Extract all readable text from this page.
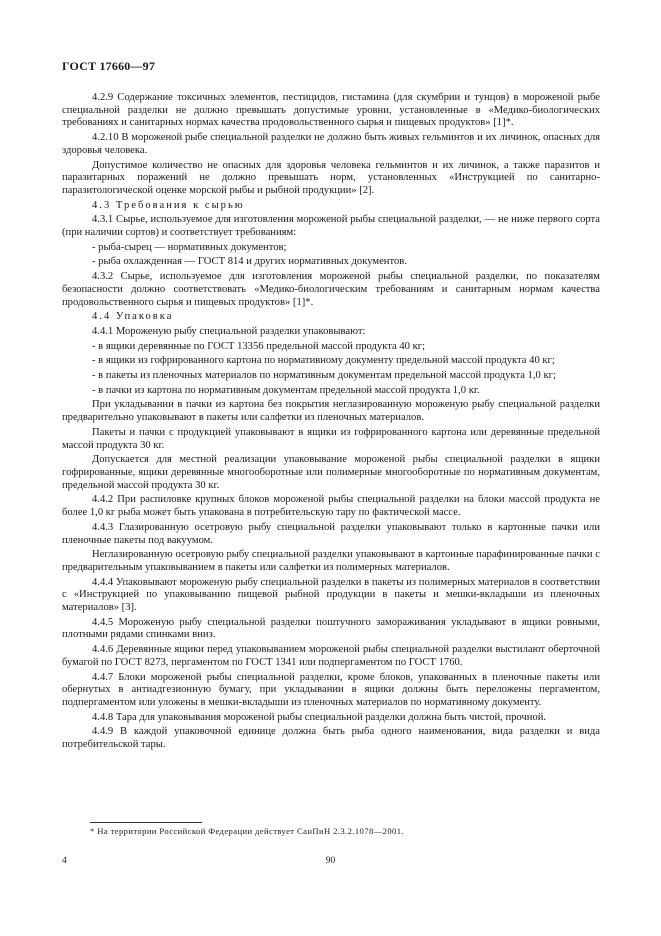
ГОСТ 17660—97

4.2.9 Содержание токсичных элементов, пестицидов, гистамина (для скумбрии и тунцов) в мороженой рыбе специальной разделки не должно превышать допустимые уровни, установленные в «Медико-биологических требованиях и санитарных нормах качества продовольственного сырья и пищевых продуктов» [1]*.

4.2.10 В мороженой рыбе специальной разделки не должно быть живых гельминтов и их личинок, опасных для здоровья человека.

Допустимое количество не опасных для здоровья человека гельминтов и их личинок, а также паразитов и паразитарных поражений не должно превышать норм, установленных «Инструкцией по санитарно-паразитологической оценке морской рыбы и рыбной продукции» [2].

4.3 Требования к сырью

4.3.1 Сырье, используемое для изготовления мороженой рыбы специальной разделки, — не ниже первого сорта (при наличии сортов) и соответствует требованиям:

- рыба-сырец — нормативных документов;

- рыба охлажденная — ГОСТ 814 и других нормативных документов.

4.3.2 Сырье, используемое для изготовления мороженой рыбы специальной разделки, по показателям безопасности должно соответствовать «Медико-биологическим требованиям и санитарным нормам качества продовольственного сырья и пищевых продуктов» [1]*.

4.4 Упаковка

4.4.1 Мороженую рыбу специальной разделки упаковывают:

- в ящики деревянные по ГОСТ 13356 предельной массой продукта 40 кг;

- в ящики из гофрированного картона по нормативному документу предельной массой продукта 40 кг;

- в пакеты из пленочных материалов по нормативным документам предельной массой продукта 1,0 кг;

- в пачки из картона по нормативным документам предельной массой продукта 1,0 кг.

При укладывании в пачки из картона без покрытия неглазированную мороженую рыбу специальной разделки предварительно упаковывают в пакеты или салфетки из пленочных материалов.

Пакеты и пачки с продукцией упаковывают в ящики из гофрированного картона или деревянные предельной массой продукта 30 кг.

Допускается для местной реализации упаковывание мороженой рыбы специальной разделки в ящики гофрированные, ящики деревянные многооборотные или полимерные многооборотные по нормативным документам, предельной массой продукта 30 кг.

4.4.2 При распиловке крупных блоков мороженой рыбы специальной разделки на блоки массой продукта не более 1,0 кг рыба может быть упакована в потребительскую тару по фактической массе.

4.4.3 Глазированную осетровую рыбу специальной разделки упаковывают только в картонные пачки или пленочные пакеты под вакуумом.

Неглазированную осетровую рыбу специальной разделки упаковывают в картонные парафинированные пачки с предварительным упаковыванием в пакеты или салфетки из полимерных материалов.

4.4.4 Упаковывают мороженую рыбу специальной разделки в пакеты из полимерных материалов в соответствии с «Инструкцией по упаковыванию пищевой рыбной продукции в пакеты и мешки-вкладыши из пленочных материалов» [3].

4.4.5 Мороженую рыбу специальной разделки поштучного замораживания укладывают в ящики ровными, плотными рядами спинками вниз.

4.4.6 Деревянные ящики перед упаковыванием мороженой рыбы специальной разделки выстилают оберточной бумагой по ГОСТ 8273, пергаментом по ГОСТ 1341 или подпергаментом по ГОСТ 1760.

4.4.7 Блоки мороженой рыбы специальной разделки, кроме блоков, упакованных в пленочные пакеты или обернутых в антиадгезионную бумагу, при укладывании в ящики должны быть переложены пергаментом, подпергаментом или уложены в мешки-вкладыши из пленочных материалов по нормативному документу.

4.4.8 Тара для упаковывания мороженой рыбы специальной разделки должна быть чистой, прочной.

4.4.9 В каждой упаковочной единице должна быть рыба одного наименования, вида разделки и вида потребительской тары.

* На территории Российской Федерации действует СанПиН 2.3.2.1078—2001.
4	90
